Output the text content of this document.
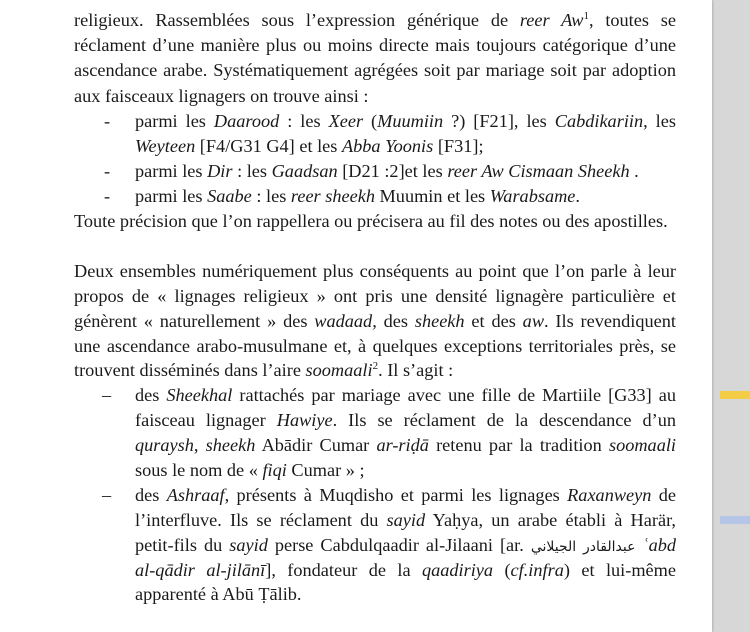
religieux. Rassemblées sous l’expression générique de reer Aw$^1$, toutes se
réclament d’une manière plus ou moins directe mais toujours catégorique d’une
ascendance arabe. Systématiquement agrégées soit par mariage soit par adoption
aux faisceaux lignagers on trouve ainsi :
- parmi les Daarood : les Xeer (Muumiin ?) [F21], les Cabdikariin, les
Weyteen [F4/G31 G4] et les Abba Yoonis [F31];
- parmi les Dir : les Gaadsan [D21 :2]et les reer Aw Cismaan Sheekh .
- parmi les Saabe : les reer sheekh Muumin et les Warabsame.
Toute précision que l’on rappellera ou précisera au fil des notes ou des apostilles.
Deux ensembles numériquement plus conséquents au point que l’on parle à leur
propos de « lignages religieux » ont pris une densité lignagère particulière et
génèrent « naturellement » des wadaad, des sheekh et des aw. Ils revendiquent
une ascendance arabo-musulmane et, à quelques exceptions territoriales près, se
trouvent disséminés dans l’aire soomaali$^2$. Il s’agit :
– des Sheekhal rattachés par mariage avec une fille de Martiile [G33] au
faisceau lignager Hawiye. Ils se réclament de la descendance d’un
quraysh, sheekh Abādir Cumar ar-riḍā retenu par la tradition soomaali
sous le nom de « fiqi Cumar » ;
– des Ashraaf, présents à Muqdisho et parmi les lignages Raxanweyn de
l’interfluve. Ils se réclament du sayid Yaḥya, un arabe établi à Harär,
petit-fils du sayid perse Cabdulqaadir al-Jilaani [ar. عبدالقادر الجيلاني ʿabd
al-qādir al-jilānī], fondateur de la qaadiriya (cf.infra) et lui-même
apparenté à Abū Ṭālib.
